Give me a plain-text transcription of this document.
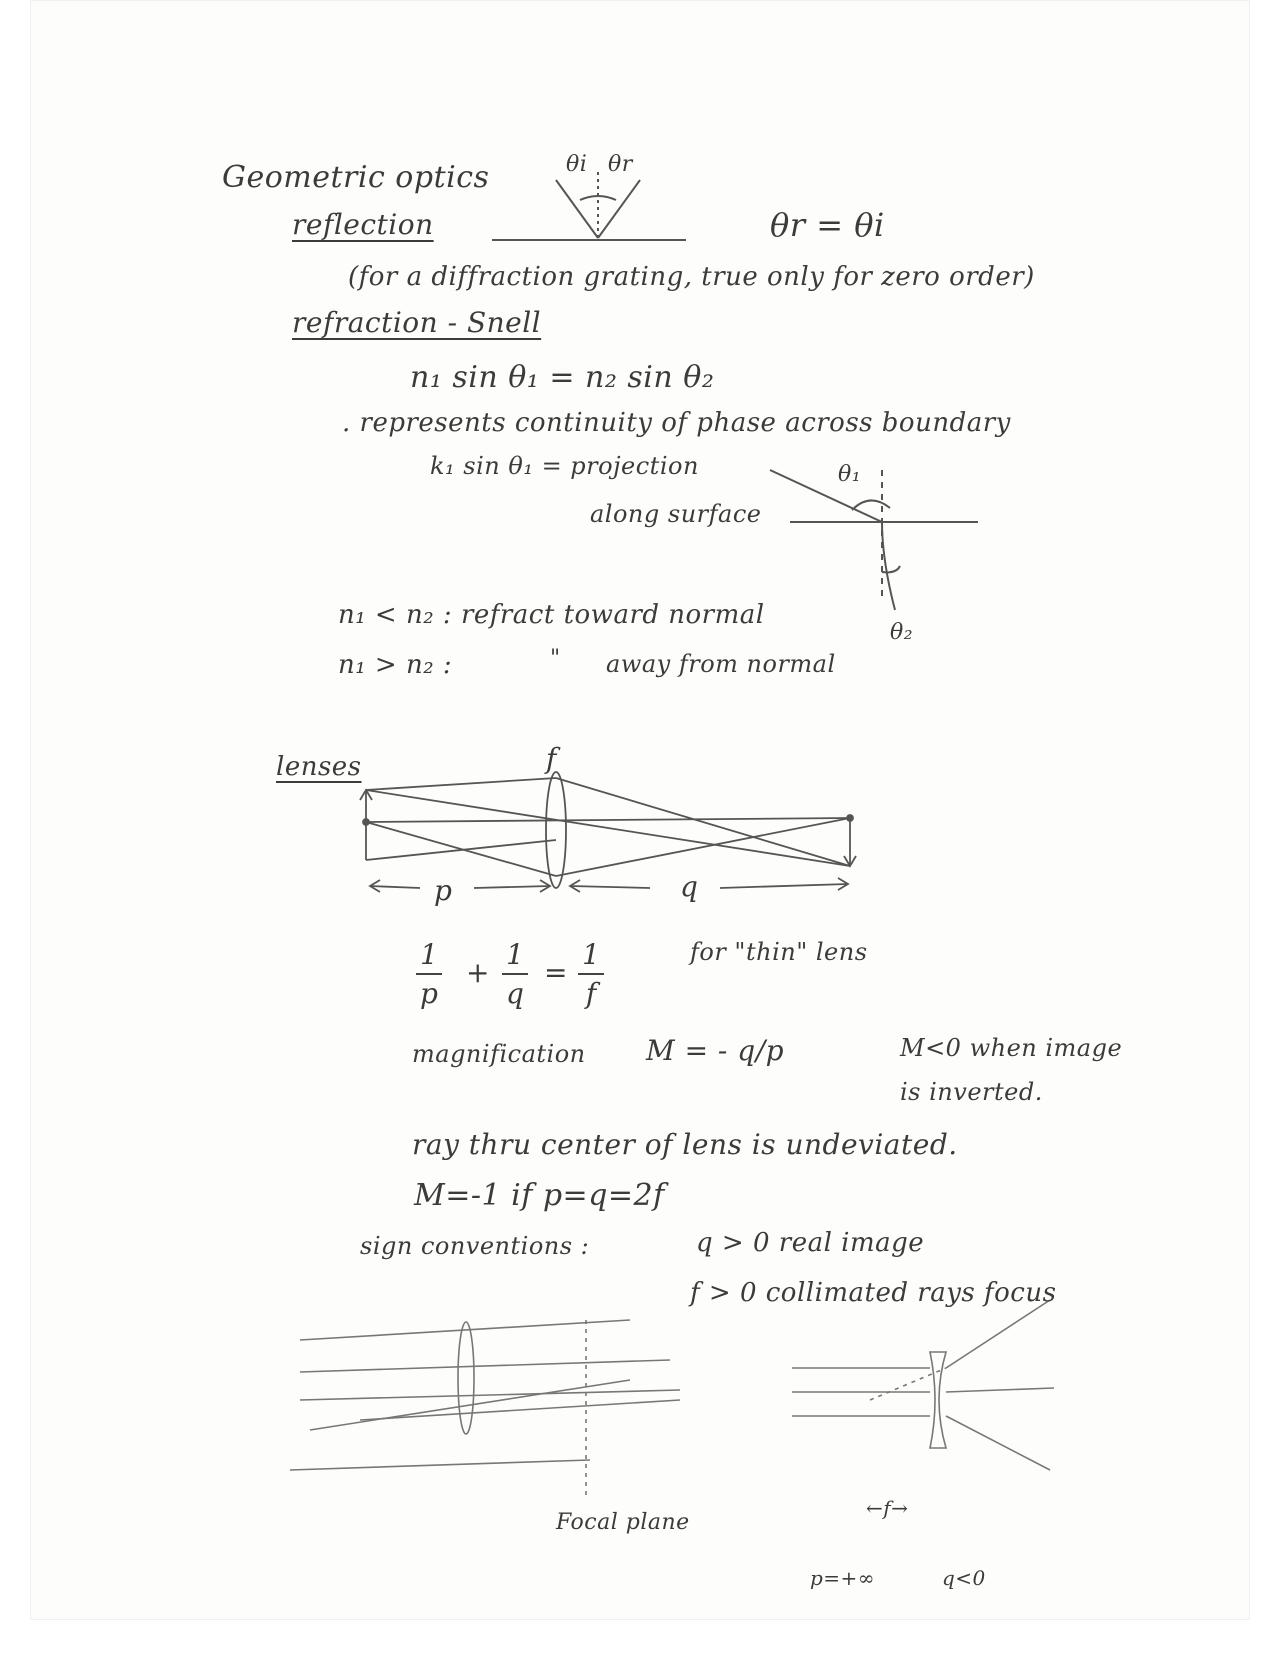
Geometric optics
reflection
θi θr
θr = θi
(for a diffraction grating, true only for zero order)
refraction - Snell
n₁ sin θ₁ = n₂ sin θ₂
. represents continuity of phase across boundary
k₁ sin θ₁ = projection
along surface
θ₁
θ₂
n₁ < n₂ : refract toward normal
n₁ > n₂ :	" away from normal
lenses	f
p	q
1
p
+
1
q
=
1
f
for "thin" lens
magnification M = - q/p	M<0 when image
is inverted.
ray thru center of lens is undeviated.
M=-1 if p=q=2f
sign conventions :	q > 0 real image
f > 0 collimated rays focus
Focal plane
←f→
p=+∞	q<0
